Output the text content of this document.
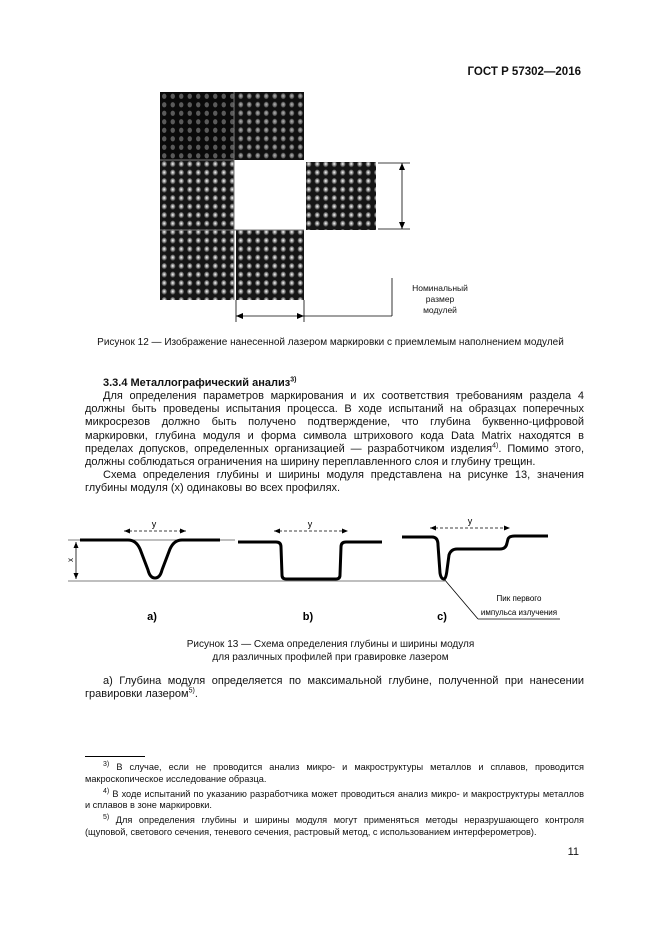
ГОСТ Р 57302—2016
Номинальный
размер
модулей
Рисунок 12 — Изображение нанесенной лазером маркировки с приемлемым наполнением модулей
3.3.4 Металлографический анализ$^{3)}$

Для определения параметров маркирования и их соответствия требованиям раздела 4 должны быть проведены испытания процесса. В ходе испытаний на образцах поперечных микросрезов должно быть получено подтверждение, что глубина буквенно-цифровой маркировки, глубина модуля и форма символа штрихового кода Data Matrix находятся в пределах допусков, определенных организацией — разработчиком изделия$^{4)}$. Помимо этого, должны соблюдаться ограничения на ширину переплавленного слоя и глубину трещин.

Схема определения глубины и ширины модуля представлена на рисунке 13, значения глубины модуля (x) одинаковы во всех профилях.

y	y	y
x
a)	b)	c)
Пик первого
импульса излучения
Рисунок 13 — Схема определения глубины и ширины модуля
для различных профилей при гравировке лазером

а) Глубина модуля определяется по максимальной глубине, полученной при нанесении гравировки лазером$^{5)}$.

$^{3)}$ В случае, если не проводится анализ микро- и макроструктуры металлов и сплавов, проводится макроскопическое исследование образца.

$^{4)}$ В ходе испытаний по указанию разработчика может проводиться анализ микро- и макроструктуры металлов и сплавов в зоне маркировки.

$^{5)}$ Для определения глубины и ширины модуля могут применяться методы неразрушающего контроля (щуповой, светового сечения, теневого сечения, растровый метод, с использованием интерферометров).

11
